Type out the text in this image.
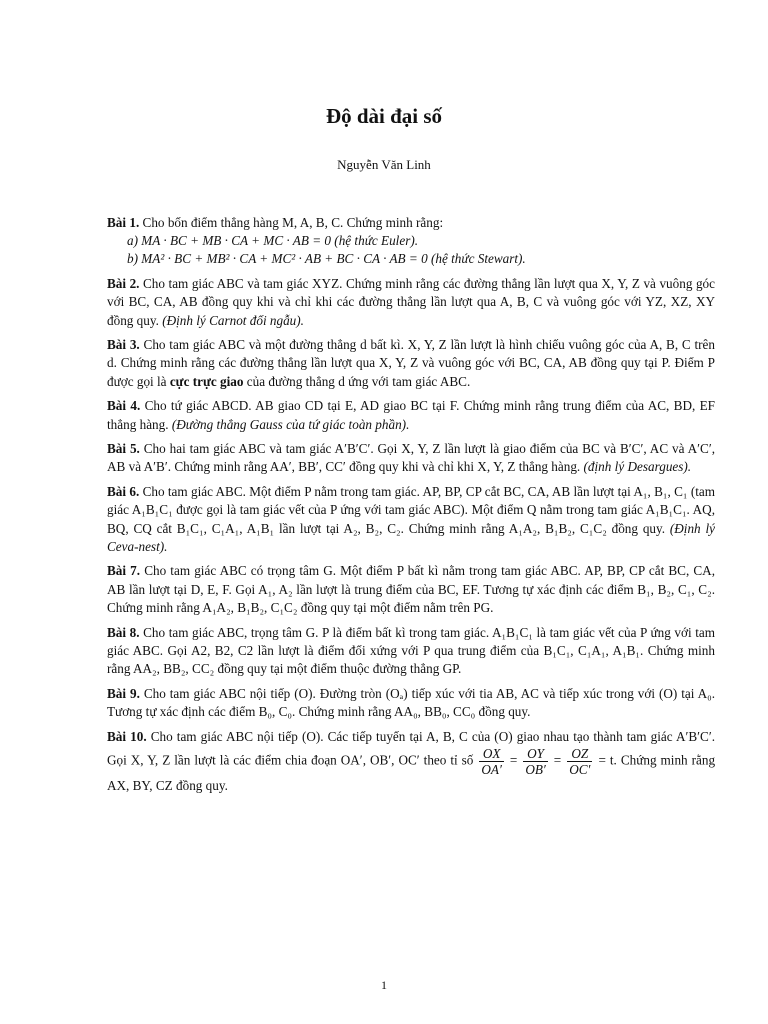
Độ dài đại số
Nguyễn Văn Linh
Bài 1. Cho bốn điểm thẳng hàng M, A, B, C. Chứng minh rằng:
a) MA · BC + MB · CA + MC · AB = 0 (hệ thức Euler).
b) MA² · BC + MB² · CA + MC² · AB + BC · CA · AB = 0 (hệ thức Stewart).
Bài 2. Cho tam giác ABC và tam giác XYZ. Chứng minh rằng các đường thẳng lần lượt qua X, Y, Z và vuông góc với BC, CA, AB đồng quy khi và chỉ khi các đường thẳng lần lượt qua A, B, C và vuông góc với YZ, XZ, XY đồng quy. (Định lý Carnot đối ngẫu).
Bài 3. Cho tam giác ABC và một đường thẳng d bất kì. X, Y, Z lần lượt là hình chiếu vuông góc của A, B, C trên d. Chứng minh rằng các đường thẳng lần lượt qua X, Y, Z và vuông góc với BC, CA, AB đồng quy tại P. Điểm P được gọi là cực trực giao của đường thẳng d ứng với tam giác ABC.
Bài 4. Cho tứ giác ABCD. AB giao CD tại E, AD giao BC tại F. Chứng minh rằng trung điểm của AC, BD, EF thẳng hàng. (Đường thẳng Gauss của tứ giác toàn phần).
Bài 5. Cho hai tam giác ABC và tam giác A′B′C′. Gọi X, Y, Z lần lượt là giao điểm của BC và B′C′, AC và A′C′, AB và A′B′. Chứng minh rằng AA′, BB′, CC′ đồng quy khi và chỉ khi X, Y, Z thẳng hàng. (định lý Desargues).
Bài 6. Cho tam giác ABC. Một điểm P nằm trong tam giác. AP, BP, CP cắt BC, CA, AB lần lượt tại A₁, B₁, C₁ (tam giác A₁B₁C₁ được gọi là tam giác vết của P ứng với tam giác ABC). Một điểm Q nằm trong tam giác A₁B₁C₁. AQ, BQ, CQ cắt B₁C₁, C₁A₁, A₁B₁ lần lượt tại A₂, B₂, C₂. Chứng minh rằng A₁A₂, B₁B₂, C₁C₂ đồng quy. (Định lý Ceva-nest).
Bài 7. Cho tam giác ABC có trọng tâm G. Một điểm P bất kì nằm trong tam giác ABC. AP, BP, CP cắt BC, CA, AB lần lượt tại D, E, F. Gọi A₁, A₂ lần lượt là trung điểm của BC, EF. Tương tự xác định các điểm B₁, B₂, C₁, C₂. Chứng minh rằng A₁A₂, B₁B₂, C₁C₂ đồng quy tại một điểm nằm trên PG.
Bài 8. Cho tam giác ABC, trọng tâm G. P là điểm bất kì trong tam giác. A₁B₁C₁ là tam giác vết của P ứng với tam giác ABC. Gọi A2, B2, C2 lần lượt là điểm đối xứng với P qua trung điểm của B₁C₁, C₁A₁, A₁B₁. Chứng minh rằng AA₂, BB₂, CC₂ đồng quy tại một điểm thuộc đường thẳng GP.
Bài 9. Cho tam giác ABC nội tiếp (O). Đường tròn (Oₐ) tiếp xúc với tia AB, AC và tiếp xúc trong với (O) tại A₀. Tương tự xác định các điểm B₀, C₀. Chứng minh rằng AA₀, BB₀, CC₀ đồng quy.
Bài 10. Cho tam giác ABC nội tiếp (O). Các tiếp tuyến tại A, B, C của (O) giao nhau tạo thành tam giác A′B′C′. Gọi X, Y, Z lần lượt là các điểm chia đoạn OA′, OB′, OC′ theo tỉ số $\frac{OX}{OA'} = \frac{OY}{OB'} = \frac{OZ}{OC'} = t$. Chứng minh rằng AX, BY, CZ đồng quy.
1
